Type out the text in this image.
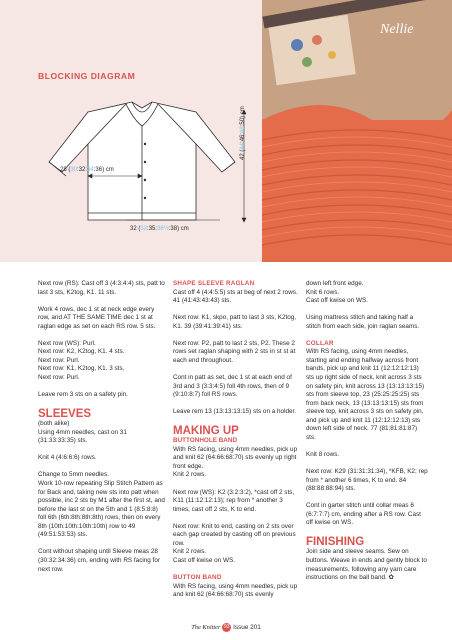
Nellie
BLOCKING DIAGRAM
28 (30:32:34:36) cm
42 (44:46:48:50) cm
32 (33:35:36½:38) cm

Next row (RS): Cast off 3 (4:3:4:4) sts, patt to last 3 sts, K2tog, K1. 11 sts.

Work 4 rows, dec 1 st at neck edge every row, and AT THE SAME TIME dec 1 st at raglan edge as set on each RS row. 5 sts.

Next row (WS): Purl.

Next row: K2, K2tog, K1. 4 sts.

Next row: Purl.

Next row: K1, K2tog, K1. 3 sts.

Next row: Purl.

Leave rem 3 sts on a safety pin.

SLEEVES

(both alike)

Using 4mm needles, cast on 31 (31:33:33:35) sts.

Knit 4 (4:6:6:6) rows.

Change to 5mm needles.

Work 10-row repeating Slip Stitch Pattern as for Back and, taking new sts into patt when possible, inc 2 sts by M1 after the first st, and before the last st on the 5th and 1 (8:5:8:8) foll 6th (6th:8th:8th:8th) rows, then on every 8th (10th:10th:10th:10th) row to 49 (49:51:53:53) sts.

Cont without shaping until Sleeve meas 28 (30:32:34:36) cm, ending with RS facing for next row.

SHAPE SLEEVE RAGLAN

Cast off 4 (4:4:5:5) sts at beg of next 2 rows. 41 (41:43:43:43) sts.

Next row: K1, skpo, patt to last 3 sts, K2tog, K1. 39 (39:41:39:41) sts.

Next row: P2, patt to last 2 sts, P2. These 2 rows set raglan shaping with 2 sts in st st at each end throughout.

Cont in patt as set, dec 1 st at each end of 3rd and 3 (3:3:4:5) foll 4th rows, then of 9 (9:10:8:7) foll RS rows.

Leave rem 13 (13:13:13:15) sts on a holder.

MAKING UP
BUTTONHOLE BAND

With RS facing, using 4mm needles, pick up and knit 62 (64:66:68:70) sts evenly up right front edge.

Knit 2 rows.

Next row (WS): K2 (3:2:3:2), *cast off 2 sts, K11 (11:12:12:13); rep from * another 3 times, cast off 2 sts, K to end.

Next row: Knit to end, casting on 2 sts over each gap created by casting off on previous row.

Knit 2 rows.

Cast off kwise on WS.

BUTTON BAND

With RS facing, using 4mm needles, pick up and knit 62 (64:66:68:70) sts evenly

down left front edge.

Knit 6 rows.

Cast off kwise on WS.

Using mattress stitch and taking half a stitch from each side, join raglan seams.

COLLAR

With RS facing, using 4mm needles, starting and ending halfway across front bands, pick up and knit 11 (12:12:12:13) sts up right side of neck, knit across 3 sts on safety pin, knit across 13 (13:13:13:15) sts from sleeve top, 23 (25:25:25:25) sts from back neck, 13 (13:13:13:15) sts from sleeve top, knit across 3 sts on safety pin, and pick up and knit 11 (12:12:12:13) sts down left side of neck. 77 (81:81:81:87) sts.

Knit 8 rows.

Next row: K29 (31:31:31:34), *KFB, K2; rep from * another 6 times, K to end. 84 (88:88:88:94) sts.

Cont in garter stitch until collar meas 6 (6:7:7:7) cm, ending after a RS row. Cast off kwise on WS.

FINISHING

Join side and sleeve seams. Sew on buttons. Weave in ends and gently block to measurements, following any yarn care instructions on the ball band. ✿

The Knitter 93 Issue 201
